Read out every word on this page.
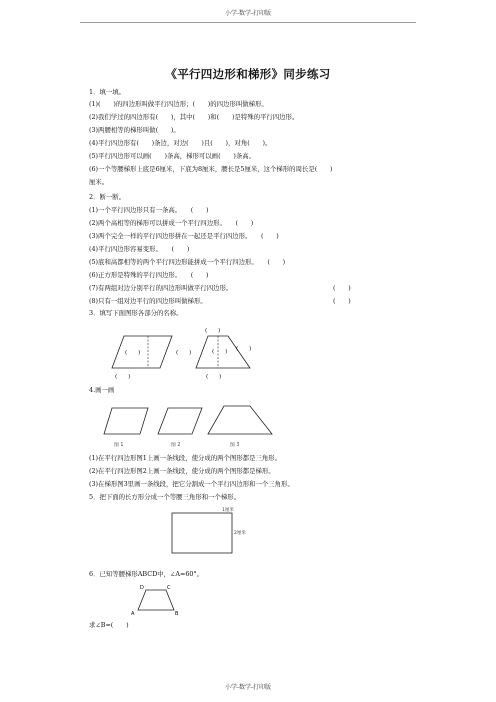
小学-数学-打印版
《平行四边形和梯形》同步练习
1．填一填。
(1)(　　)的四边形叫做平行四边形；(　　)的四边形叫做梯形。
(2)我们学过的四边形有(　　)，其中(　　)和(　　)是特殊的平行四边形。
(3)两腰相等的梯形叫做(　　)。
(4)平行四边形有(　　)条边，对边(　　)且(　　)，对角(　　)。
(5)平行四边形可以画(　　)条高，梯形可以画(　　)条高。
(6)一个等腰梯形上底是6厘米，下底为8厘米，腰长是5厘米，这个梯形的周长是(　　)
厘米。
2．断一断。
(1)一个平行四边形只有一条高。　　(　　)
(2)两个高相等的梯形可以拼成一个平行四边形。　　(　　)
(3)两个完全一样的平行四边形拼在一起还是平行四边形。　　(　　)
(4)平行四边形容易变形。　　(　　)
(5)底和高都相等的两个平行四边形能拼成一个平行四边形。　　(　　)
(6)正方形是特殊的平行四边形。　　(　　)
(7)有两组对边分别平行的四边形叫做平行四边形。	(　　)
(8)只有一组对边平行的四边形叫做梯形。	(　　)
3．填写下面图形各部分的名称。
(　　)
(　　)
(　　)
(　　)	(　　) (　　)
(　　)
4.画一画
图 1	图 2	图 3
(1)在平行四边形图1上画一条线段，使分成的两个图形都是三角形。
(2)在平行四边形图2上画一条线段，使分成的两个图形都是梯形。
(3)在梯形图3里画一条线段，把它分割成一个平行四边形和一个三角形。
5．把下面的长方形分成一个等腰三角形和一个梯形。
1厘米
2厘米
6．已知等腰梯形ABCD中，∠A=60°。
A	B
C
D
求∠B=(　　)
小学-数学-打印版
